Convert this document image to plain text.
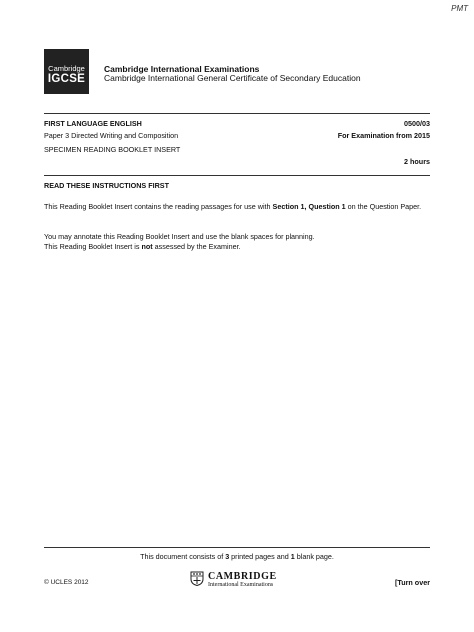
PMT
Cambridge
IGCSE
Cambridge International Examinations
Cambridge International General Certificate of Secondary Education
FIRST LANGUAGE ENGLISH	0500/03
Paper 3 Directed Writing and Composition	For Examination from 2015
SPECIMEN READING BOOKLET INSERT
2 hours
READ THESE INSTRUCTIONS FIRST
This Reading Booklet Insert contains the reading passages for use with Section 1, Question 1 on the Question Paper.
You may annotate this Reading Booklet Insert and use the blank spaces for planning.
This Reading Booklet Insert is not assessed by the Examiner.
This document consists of 3 printed pages and 1 blank page.
© UCLES 2012
CAMBRIDGE
International Examinations	[Turn over
